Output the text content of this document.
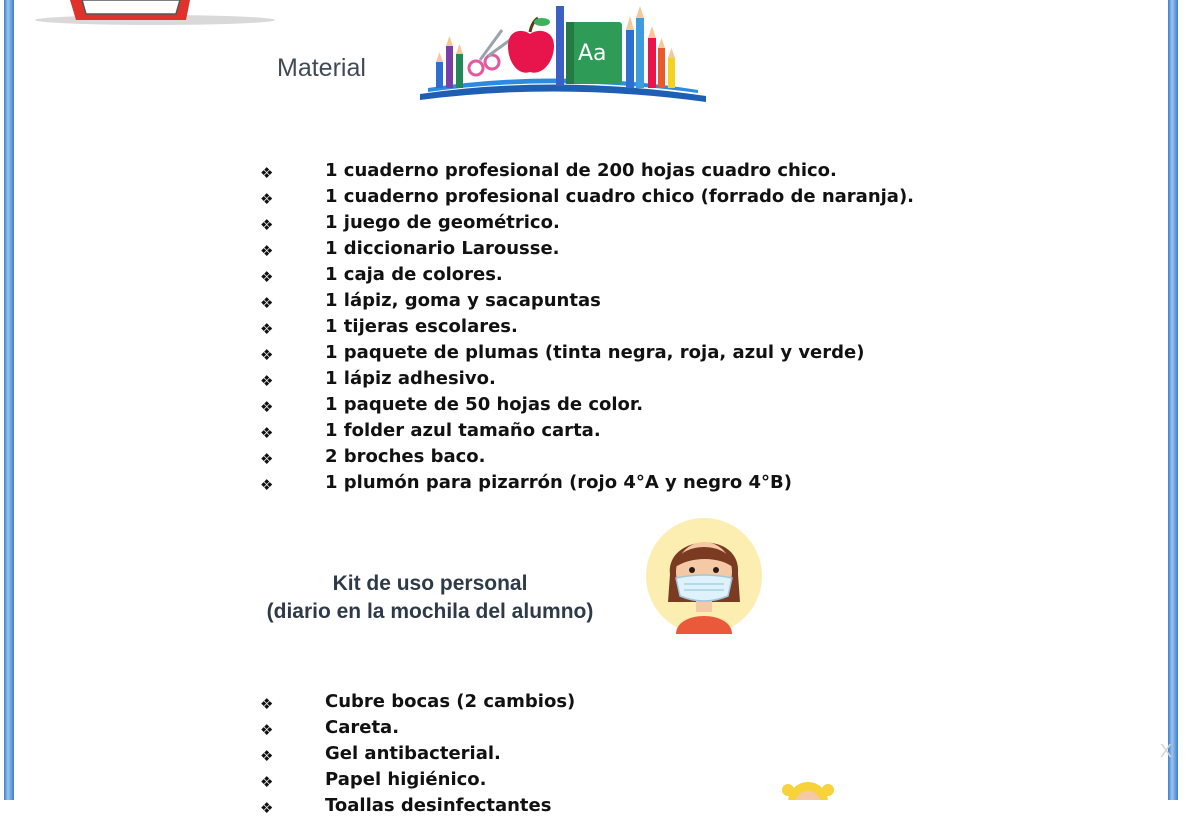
Material
Aa
❖	1 cuaderno profesional de 200 hojas cuadro chico.
❖	1 cuaderno profesional cuadro chico (forrado de naranja).
❖	1 juego de geométrico.
❖	1 diccionario Larousse.
❖	1 caja de colores.
❖	1 lápiz, goma y sacapuntas
❖	1 tijeras escolares.
❖	1 paquete de plumas (tinta negra, roja, azul y verde)
❖	1 lápiz adhesivo.
❖	1 paquete de 50 hojas de color.
❖	1 folder azul tamaño carta.
❖	2 broches baco.
❖	1 plumón para pizarrón (rojo 4°A y negro 4°B)
Kit de uso personal
(diario en la mochila del alumno)
❖	Cubre bocas (2 cambios)
❖	Careta.
❖	Gel antibacterial.
❖	Papel higiénico.
❖	Toallas desinfectantes
X
